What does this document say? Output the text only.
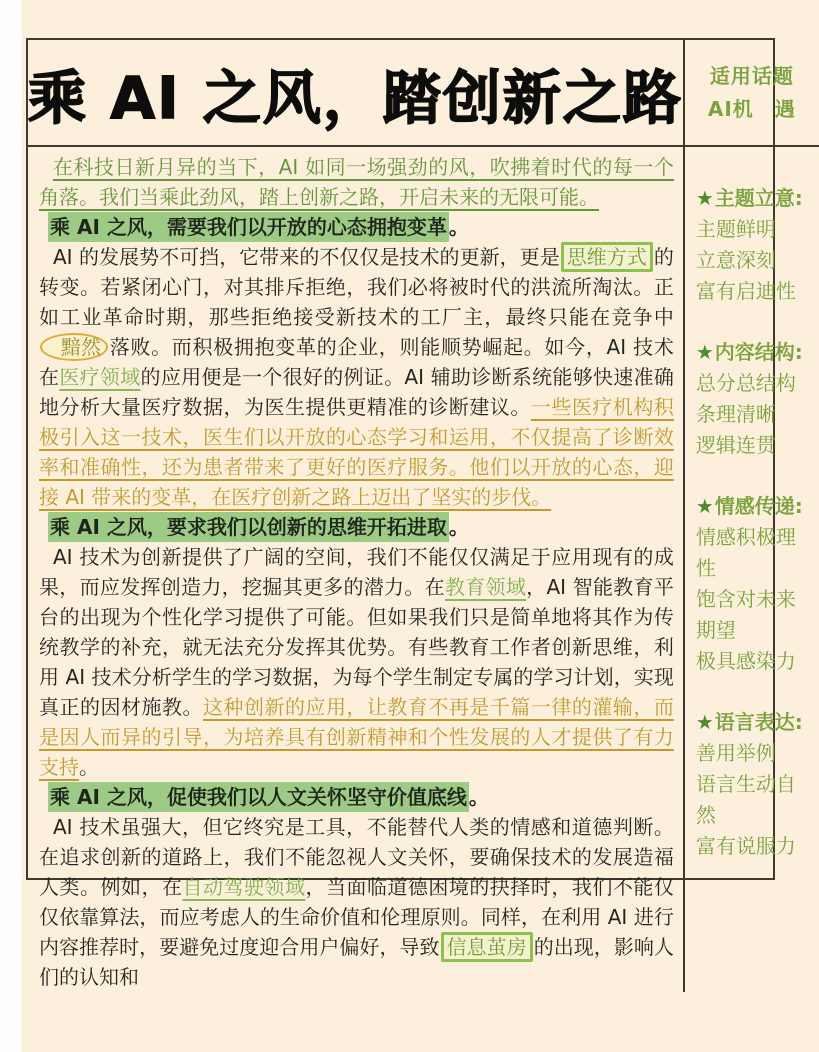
乘 AI 之风，踏创新之路 适用话题
AI机　遇
在科技日新月异的当下，AI 如同一场强劲的风，吹拂着时代的每一个角落。我们当乘此劲风，踏上创新之路，开启未来的无限可能。
乘 AI 之风，需要我们以开放的心态拥抱变革 。
AI 的发展势不可挡，它带来的不仅仅是技术的更新，更是 思维方式 的转变。若紧闭心门，对其排斥拒绝，我们必将被时代的洪流所淘汰。正如工业革命时期，那些拒绝接受新技术的工厂主，最终只能在竞争中黯然 落败。而积极拥抱变革的企业，则能顺势崛起。如今，AI 技术在医疗领域的应用便是一个很好的例证。AI 辅助诊断系统能够快速准确地分析大量医疗数据，为医生提供更精准的诊断建议。一些医疗机构积极引入这一技术，医生们以开放的心态学习和运用，不仅提高了诊断效率和准确性，还为患者带来了更好的医疗服务。他们以开放的心态，迎接 AI 带来的变革，在医疗创新之路上迈出了坚实的步伐。
乘 AI 之风，要求我们以创新的思维开拓进取 。
AI 技术为创新提供了广阔的空间，我们不能仅仅满足于应用现有的成果，而应发挥创造力，挖掘其更多的潜力。在教育领域，AI 智能教育平台的出现为个性化学习提供了可能。但如果我们只是简单地将其作为传统教学的补充，就无法充分发挥其优势。有些教育工作者创新思维，利用 AI 技术分析学生的学习数据，为每个学生制定专属的学习计划，实现真正的因材施教。这种创新的应用，让教育不再是千篇一律的灌输，而是因人而异的引导，为培养具有创新精神和个性发展的人才提供了有力支持。
乘 AI 之风，促使我们以人文关怀坚守价值底线 。
AI 技术虽强大，但它终究是工具，不能替代人类的情感和道德判断。在追求创新的道路上，我们不能忽视人文关怀，要确保技术的发展造福人类。例如，在自动驾驶领域，当面临道德困境的抉择时，我们不能仅仅依靠算法，而应考虑人的生命价值和伦理原则。同样，在利用 AI 进行内容推荐时，要避免过度迎合用户偏好，导致 信息茧房 的出现，影响人们的认知和
★主题立意:
主题鲜明
立意深刻
富有启迪性
★内容结构:
总分总结构
条理清晰
逻辑连贯
★情感传递:
情感积极理性
饱含对未来期望
极具感染力
★语言表达:
善用举例
语言生动自然
富有说服力
